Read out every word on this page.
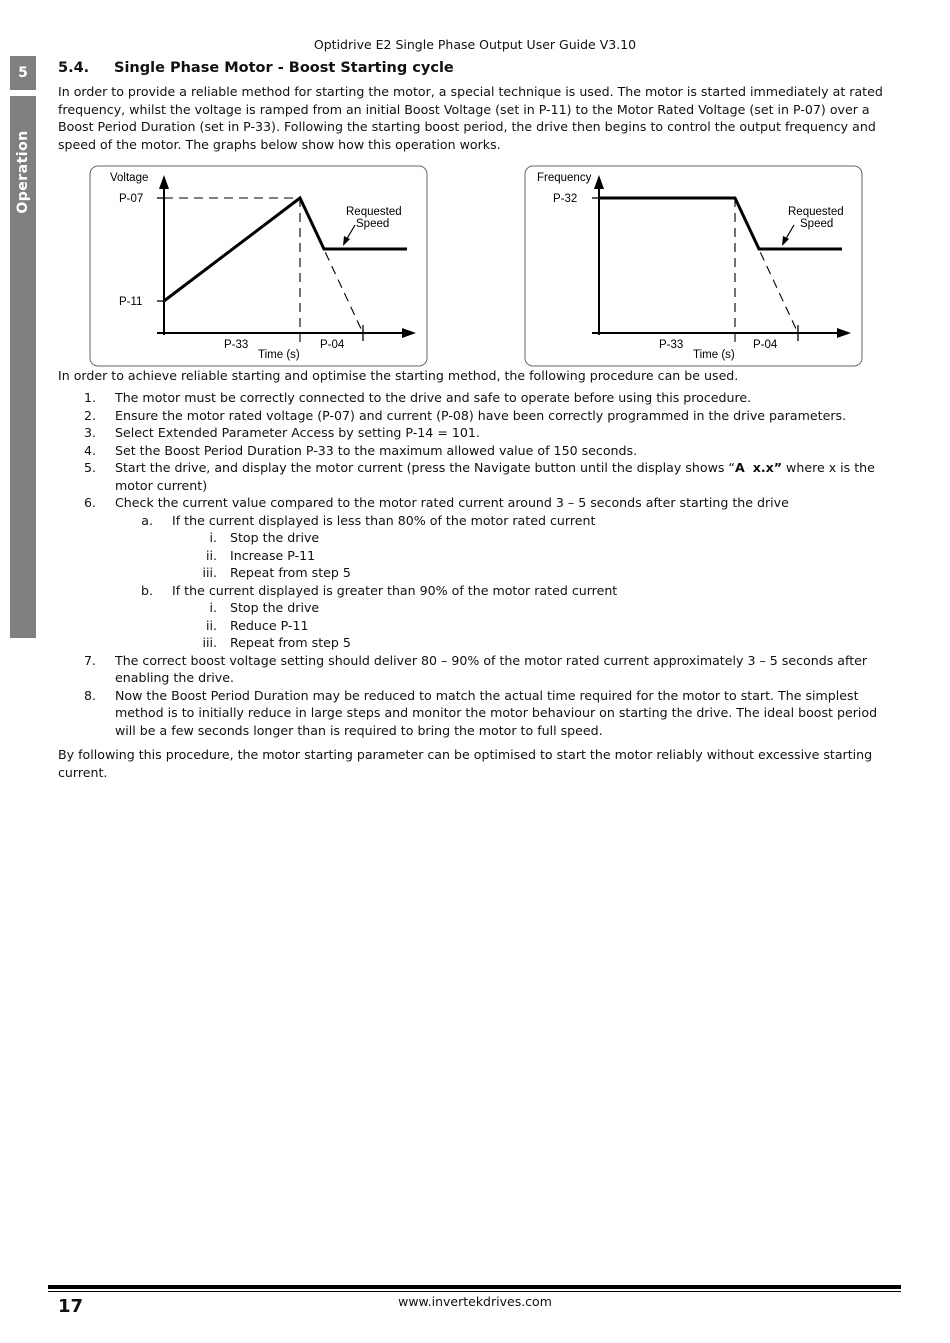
Optidrive E2 Single Phase Output User Guide V3.10
5
Operation
5.4. Single Phase Motor - Boost Starting cycle
In order to provide a reliable method for starting the motor, a special technique is used. The motor is started immediately at rated frequency, whilst the voltage is ramped from an initial Boost Voltage (set in P-11) to the Motor Rated Voltage (set in P-07) over a Boost Period Duration (set in P-33). Following the starting boost period, the drive then begins to control the output frequency and speed of the motor. The graphs below show how this operation works.
Voltage
P-07
P-11
P-33	P-04
Time (s)
Requested
Speed
Frequency
P-32
P-33	P-04
Time (s)
Requested
Speed
In order to achieve reliable starting and optimise the starting method, the following procedure can be used.
1. The motor must be correctly connected to the drive and safe to operate before using this procedure.
2. Ensure the motor rated voltage (P-07) and current (P-08) have been correctly programmed in the drive parameters.
3. Select Extended Parameter Access by setting P-14 = 101.
4. Set the Boost Period Duration P-33 to the maximum allowed value of 150 seconds.
5. Start the drive, and display the motor current (press the Navigate button until the display shows “A x.x” where x is the motor current)
6. Check the current value compared to the motor rated current around 3 – 5 seconds after starting the drive
a. If the current displayed is less than 80% of the motor rated current
i. Stop the drive
ii. Increase P-11
iii. Repeat from step 5
b. If the current displayed is greater than 90% of the motor rated current
i. Stop the drive
ii. Reduce P-11
iii. Repeat from step 5
7. The correct boost voltage setting should deliver 80 – 90% of the motor rated current approximately 3 – 5 seconds after enabling the drive.
8. Now the Boost Period Duration may be reduced to match the actual time required for the motor to start. The simplest method is to initially reduce in large steps and monitor the motor behaviour on starting the drive. The ideal boost period will be a few seconds longer than is required to bring the motor to full speed.
By following this procedure, the motor starting parameter can be optimised to start the motor reliably without excessive starting current.
17	www.invertekdrives.com
